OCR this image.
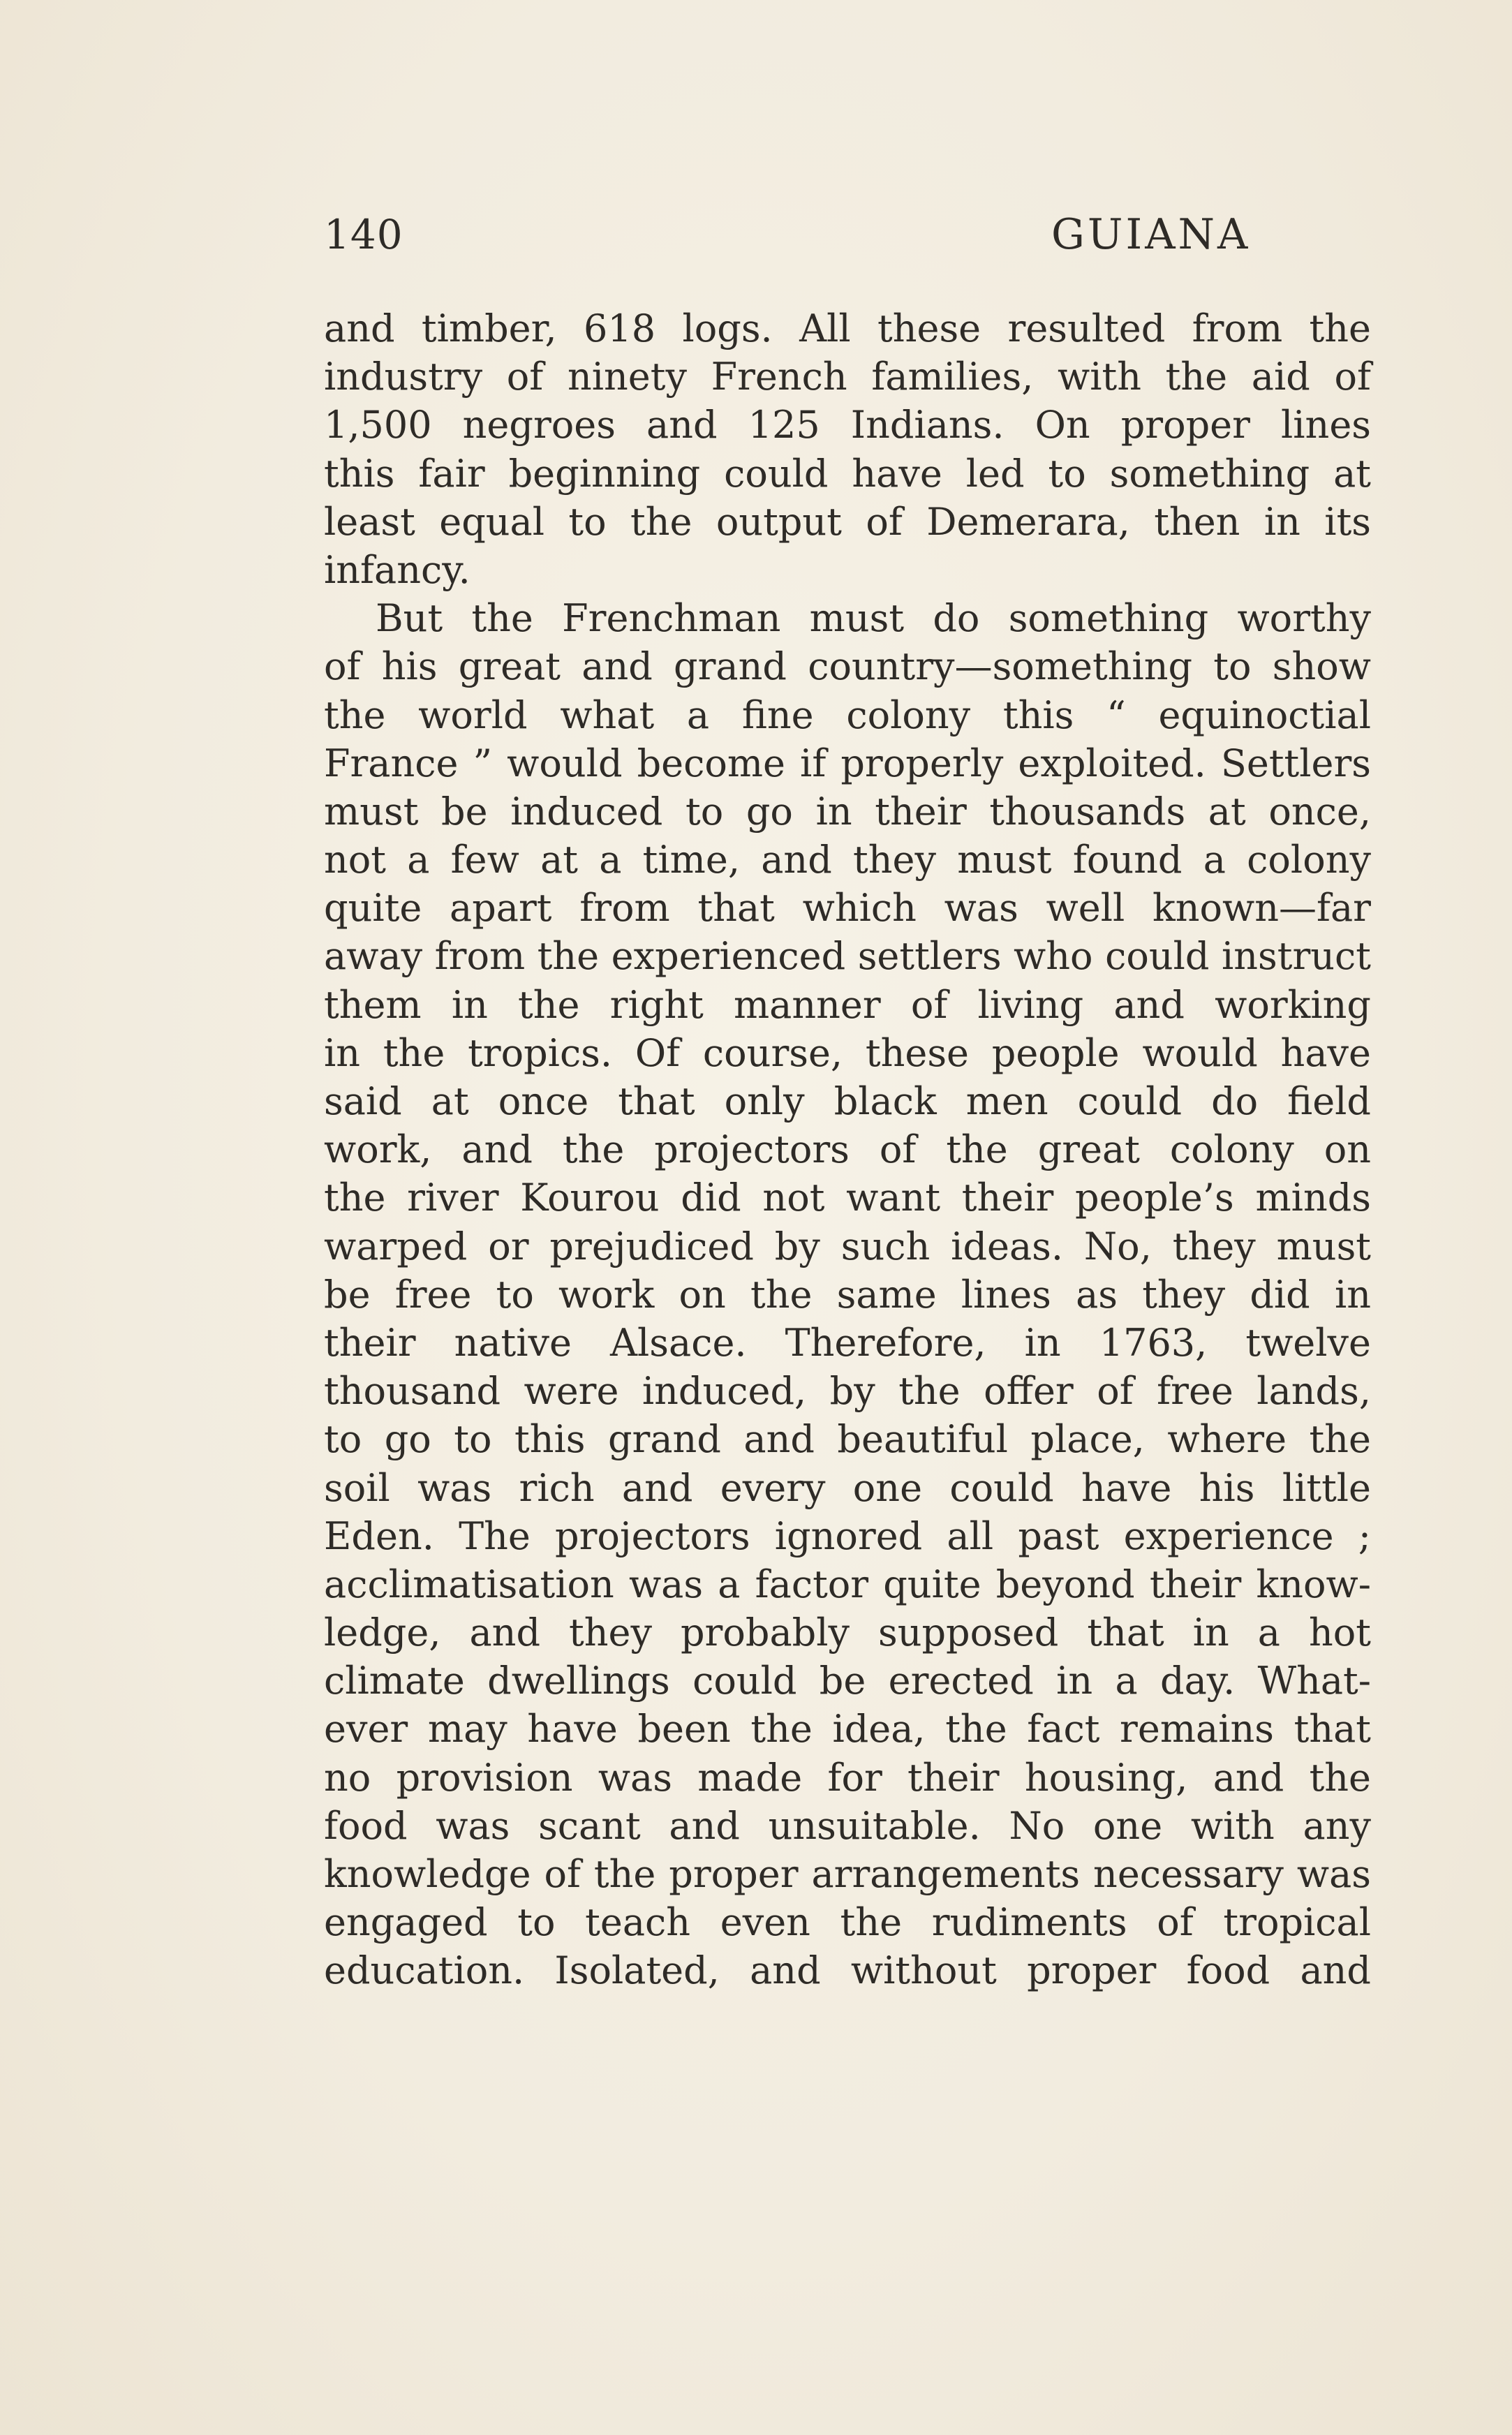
140	GUIANA
and timber, 618 logs. All these resulted from the
industry of ninety French families, with the aid of
1,500 negroes and 125 Indians. On proper lines
this fair beginning could have led to something at
least equal to the output of Demerara, then in its
infancy.
But the Frenchman must do something worthy
of his great and grand country—something to show
the world what a fine colony this “ equinoctial
France ” would become if properly exploited. Settlers
must be induced to go in their thousands at once,
not a few at a time, and they must found a colony
quite apart from that which was well known—far
away from the experienced settlers who could instruct
them in the right manner of living and working
in the tropics. Of course, these people would have
said at once that only black men could do field
work, and the projectors of the great colony on
the river Kourou did not want their people’s minds
warped or prejudiced by such ideas. No, they must
be free to work on the same lines as they did in
their native Alsace. Therefore, in 1763, twelve
thousand were induced, by the offer of free lands,
to go to this grand and beautiful place, where the
soil was rich and every one could have his little
Eden. The projectors ignored all past experience ;
acclimatisation was a factor quite beyond their know-
ledge, and they probably supposed that in a hot
climate dwellings could be erected in a day. What-
ever may have been the idea, the fact remains that
no provision was made for their housing, and the
food was scant and unsuitable. No one with any
knowledge of the proper arrangements necessary was
engaged to teach even the rudiments of tropical
education. Isolated, and without proper food and
